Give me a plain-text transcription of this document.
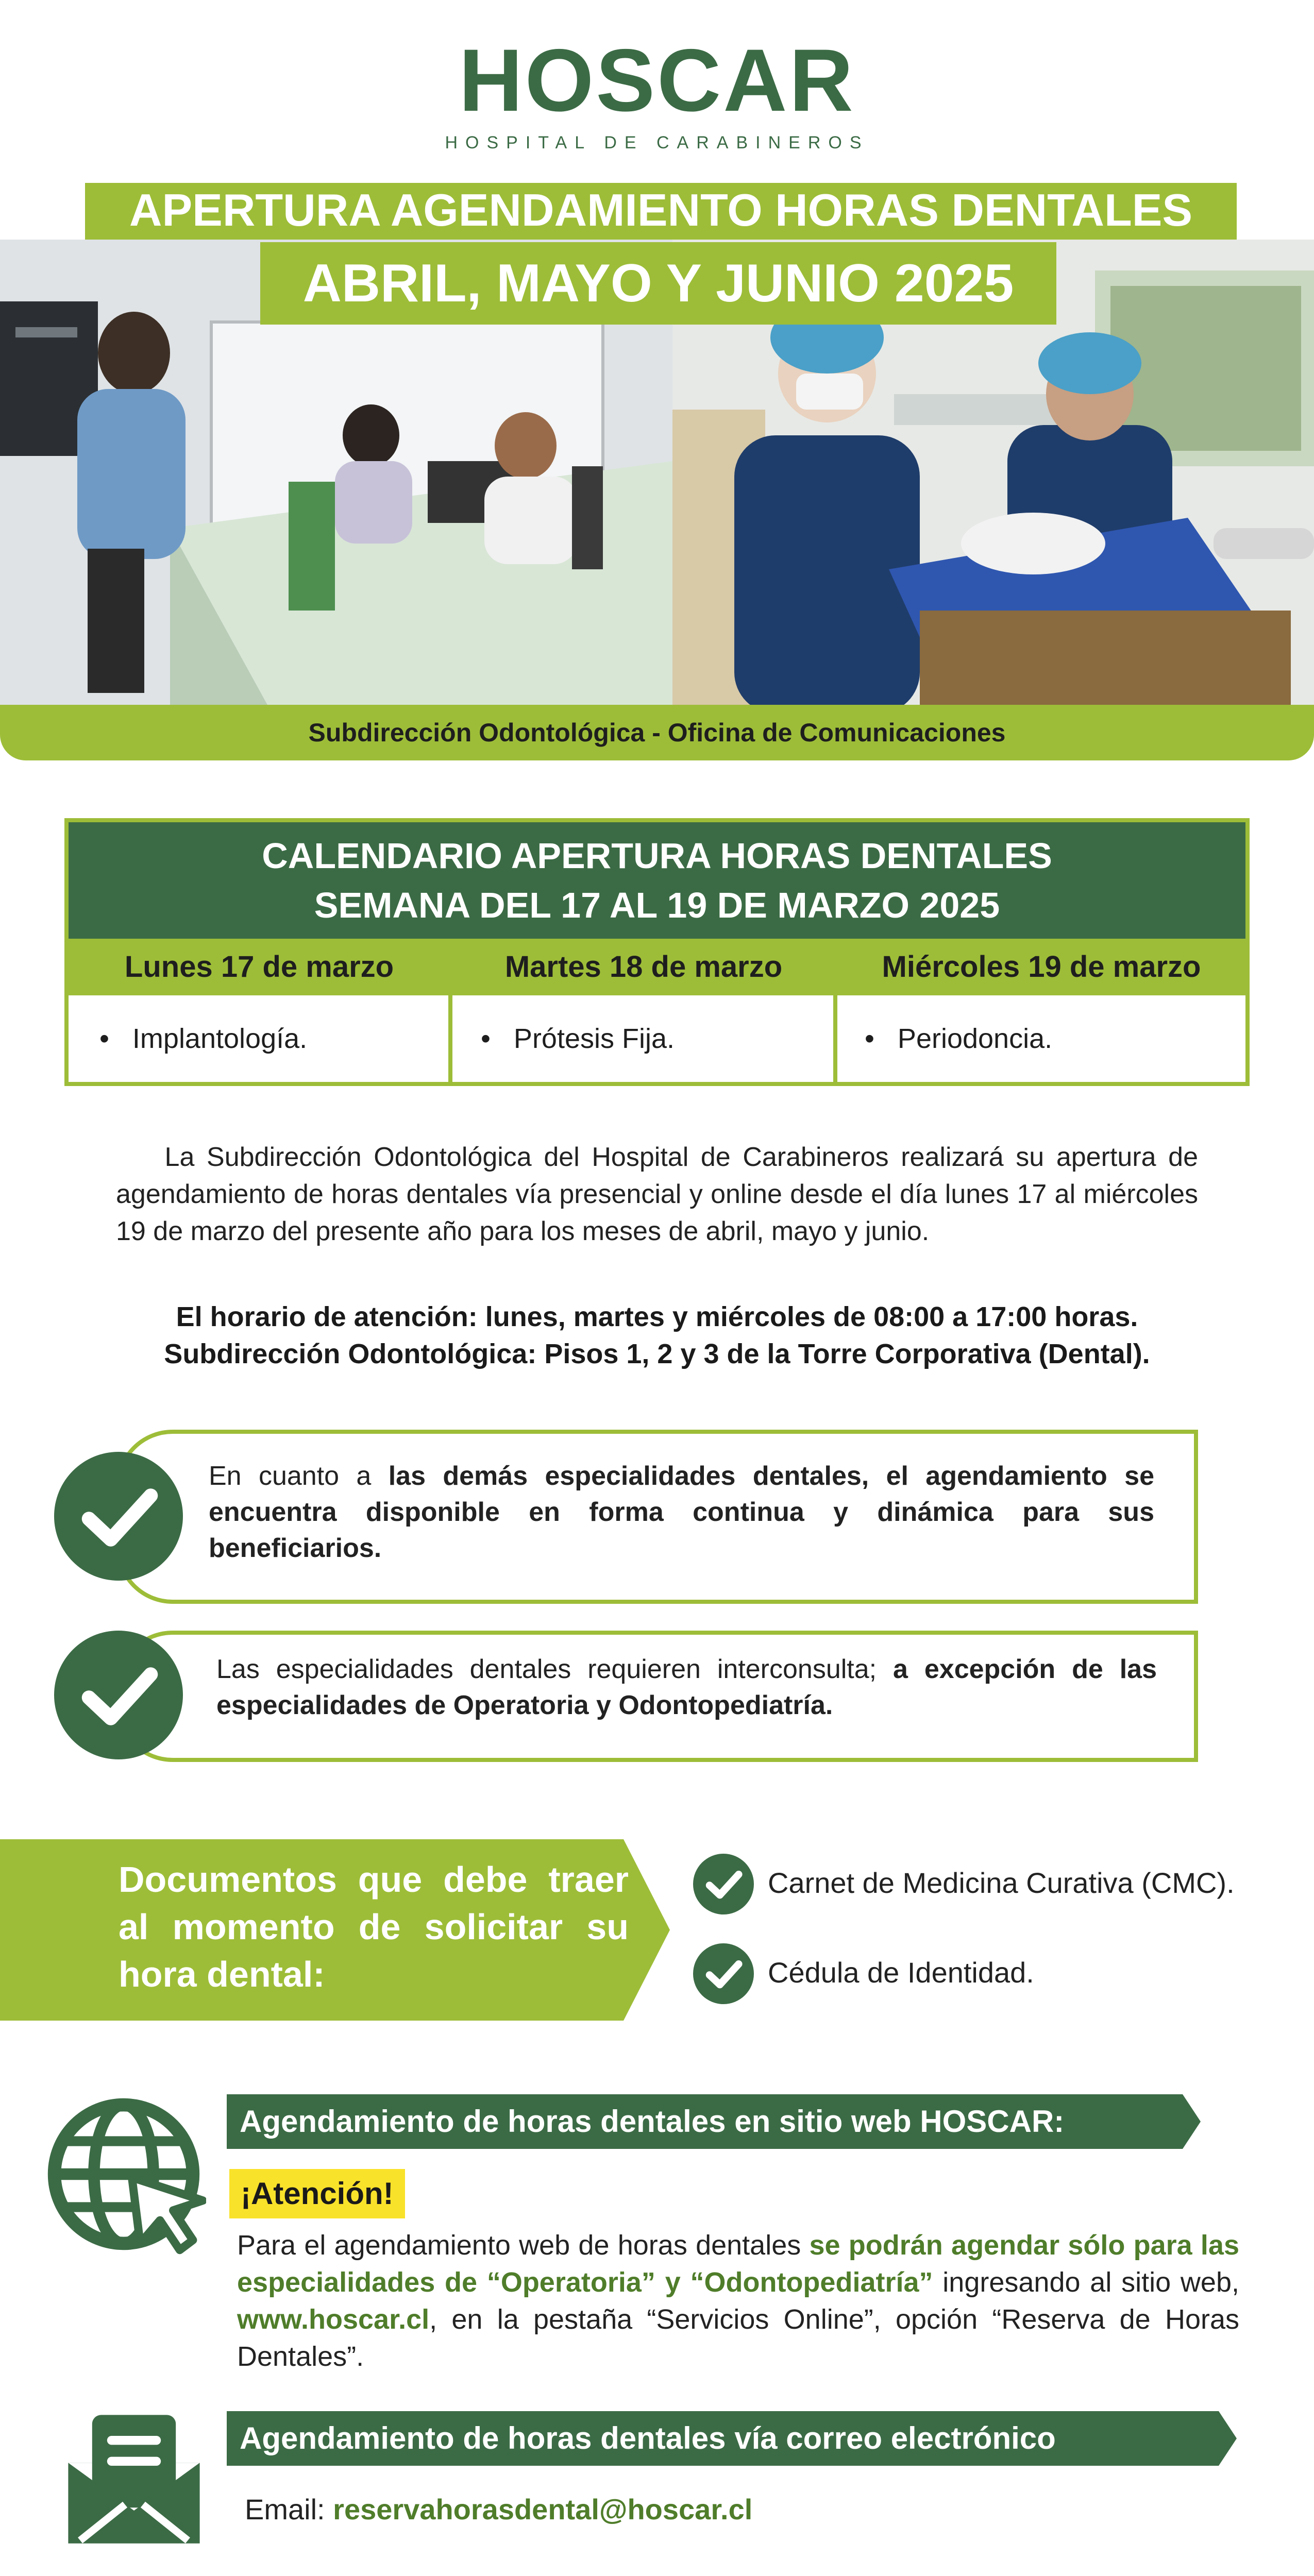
HOSCAR
HOSPITAL DE CARABINEROS
APERTURA AGENDAMIENTO HORAS DENTALES
ABRIL, MAYO Y JUNIO 2025
Subdirección Odontológica - Oficina de Comunicaciones
CALENDARIO APERTURA HORAS DENTALES
SEMANA DEL 17 AL 19 DE MARZO 2025
Lunes 17 de marzo	Martes 18 de marzo	Miércoles 19 de marzo
•   Implantología.	•   Prótesis Fija.	•   Periodoncia.
La Subdirección Odontológica del Hospital de Carabineros realizará su apertura de agendamiento de horas dentales vía presencial y online desde el día lunes 17 al miércoles 19 de marzo del presente año para los meses de abril, mayo y junio.
El horario de atención: lunes, martes y miércoles de 08:00 a 17:00 horas.
Subdirección Odontológica: Pisos 1, 2 y 3 de la Torre Corporativa (Dental).
En cuanto a las demás especialidades dentales, el agendamiento se encuentra disponible en forma continua y dinámica para sus beneficiarios.
Las especialidades dentales requieren interconsulta; a excepción de las especialidades de Operatoria y Odontopediatría.
Documentos que debe traer al momento de solicitar su hora dental:
Carnet de Medicina Curativa (CMC).
Cédula de Identidad.
Agendamiento de horas dentales en sitio web HOSCAR:
¡Atención!
Para el agendamiento web de horas dentales se podrán agendar sólo para las especialidades de “Operatoria” y “Odontopediatría” ingresando al sitio web, www.hoscar.cl, en la pestaña “Servicios Online”, opción “Reserva de Horas Dentales”.
Agendamiento de horas dentales vía correo electrónico
Email: reservahorasdental@hoscar.cl
